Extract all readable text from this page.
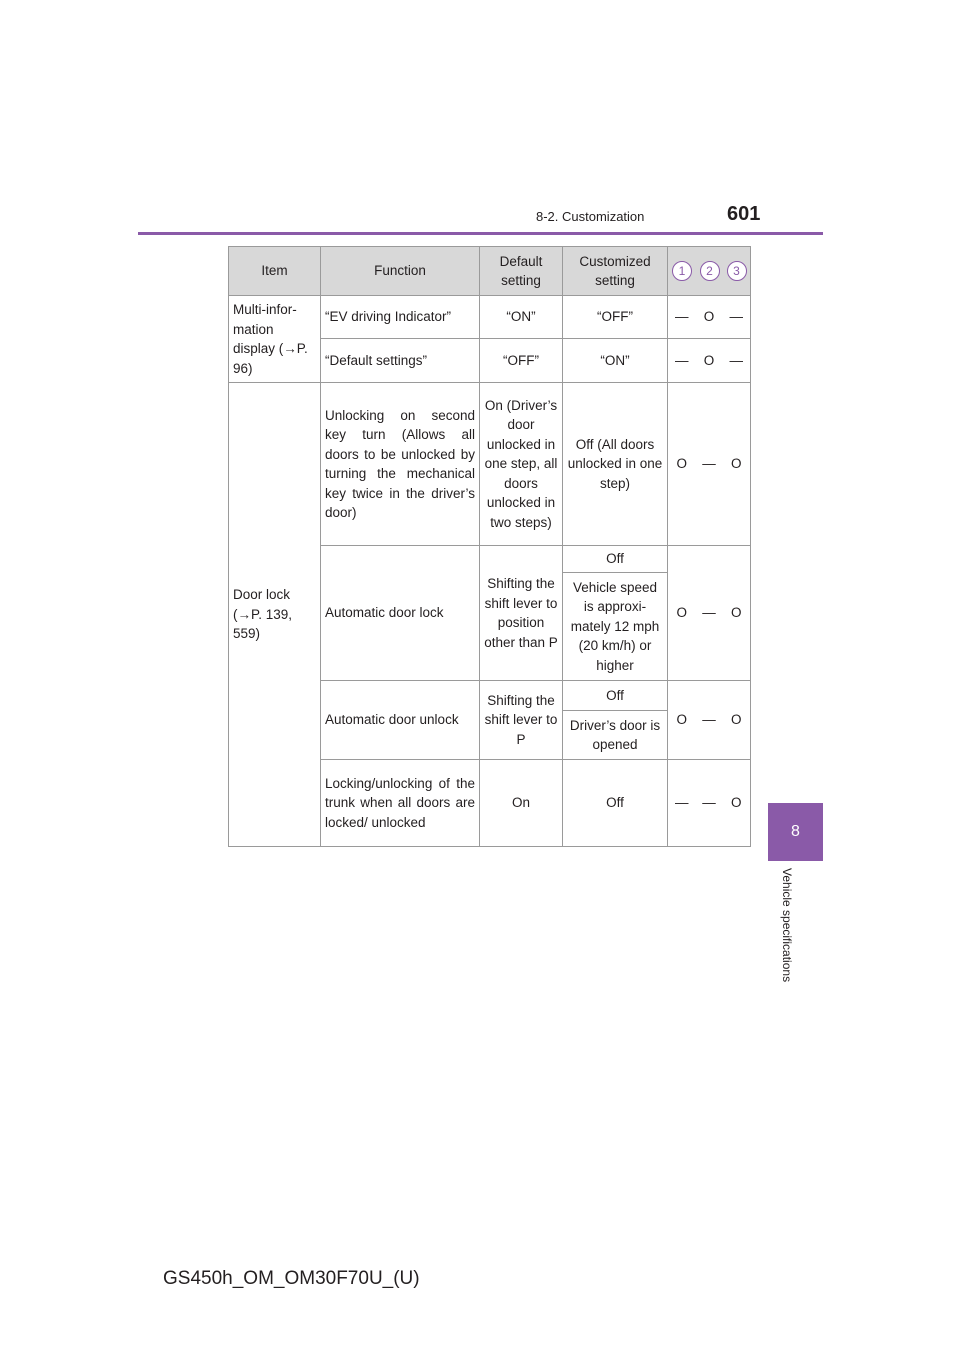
8-2. Customization	601
8
Vehicle specifications
Item	Function	Default setting	Customized setting	1	2	3
Multi-infor-mation display (→P. 96)	“EV driving Indicator”	“ON”	“OFF”	—	O	—
	“Default settings”	“OFF”	“ON”	—	O	—
Door lock (→P. 139, 559)	Unlocking on second key turn (Allows all doors to be unlocked by turning the mechanical key twice in the driver’s door)	On (Driver’s door unlocked in one step, all doors unlocked in two steps)	Off (All doors unlocked in one step)	O	—	O
	Automatic door lock	Shifting the shift lever to position other than P	Off	O	—	O
			Vehicle speed is approxi-mately 12 mph (20 km/h) or higher			
	Automatic door unlock	Shifting the shift lever to P	Off	O	—	O
			Driver’s door is opened			
	Locking/unlocking of the trunk when all doors are locked/ unlocked	On	Off	—	—	O
GS450h_OM_OM30F70U_(U)
